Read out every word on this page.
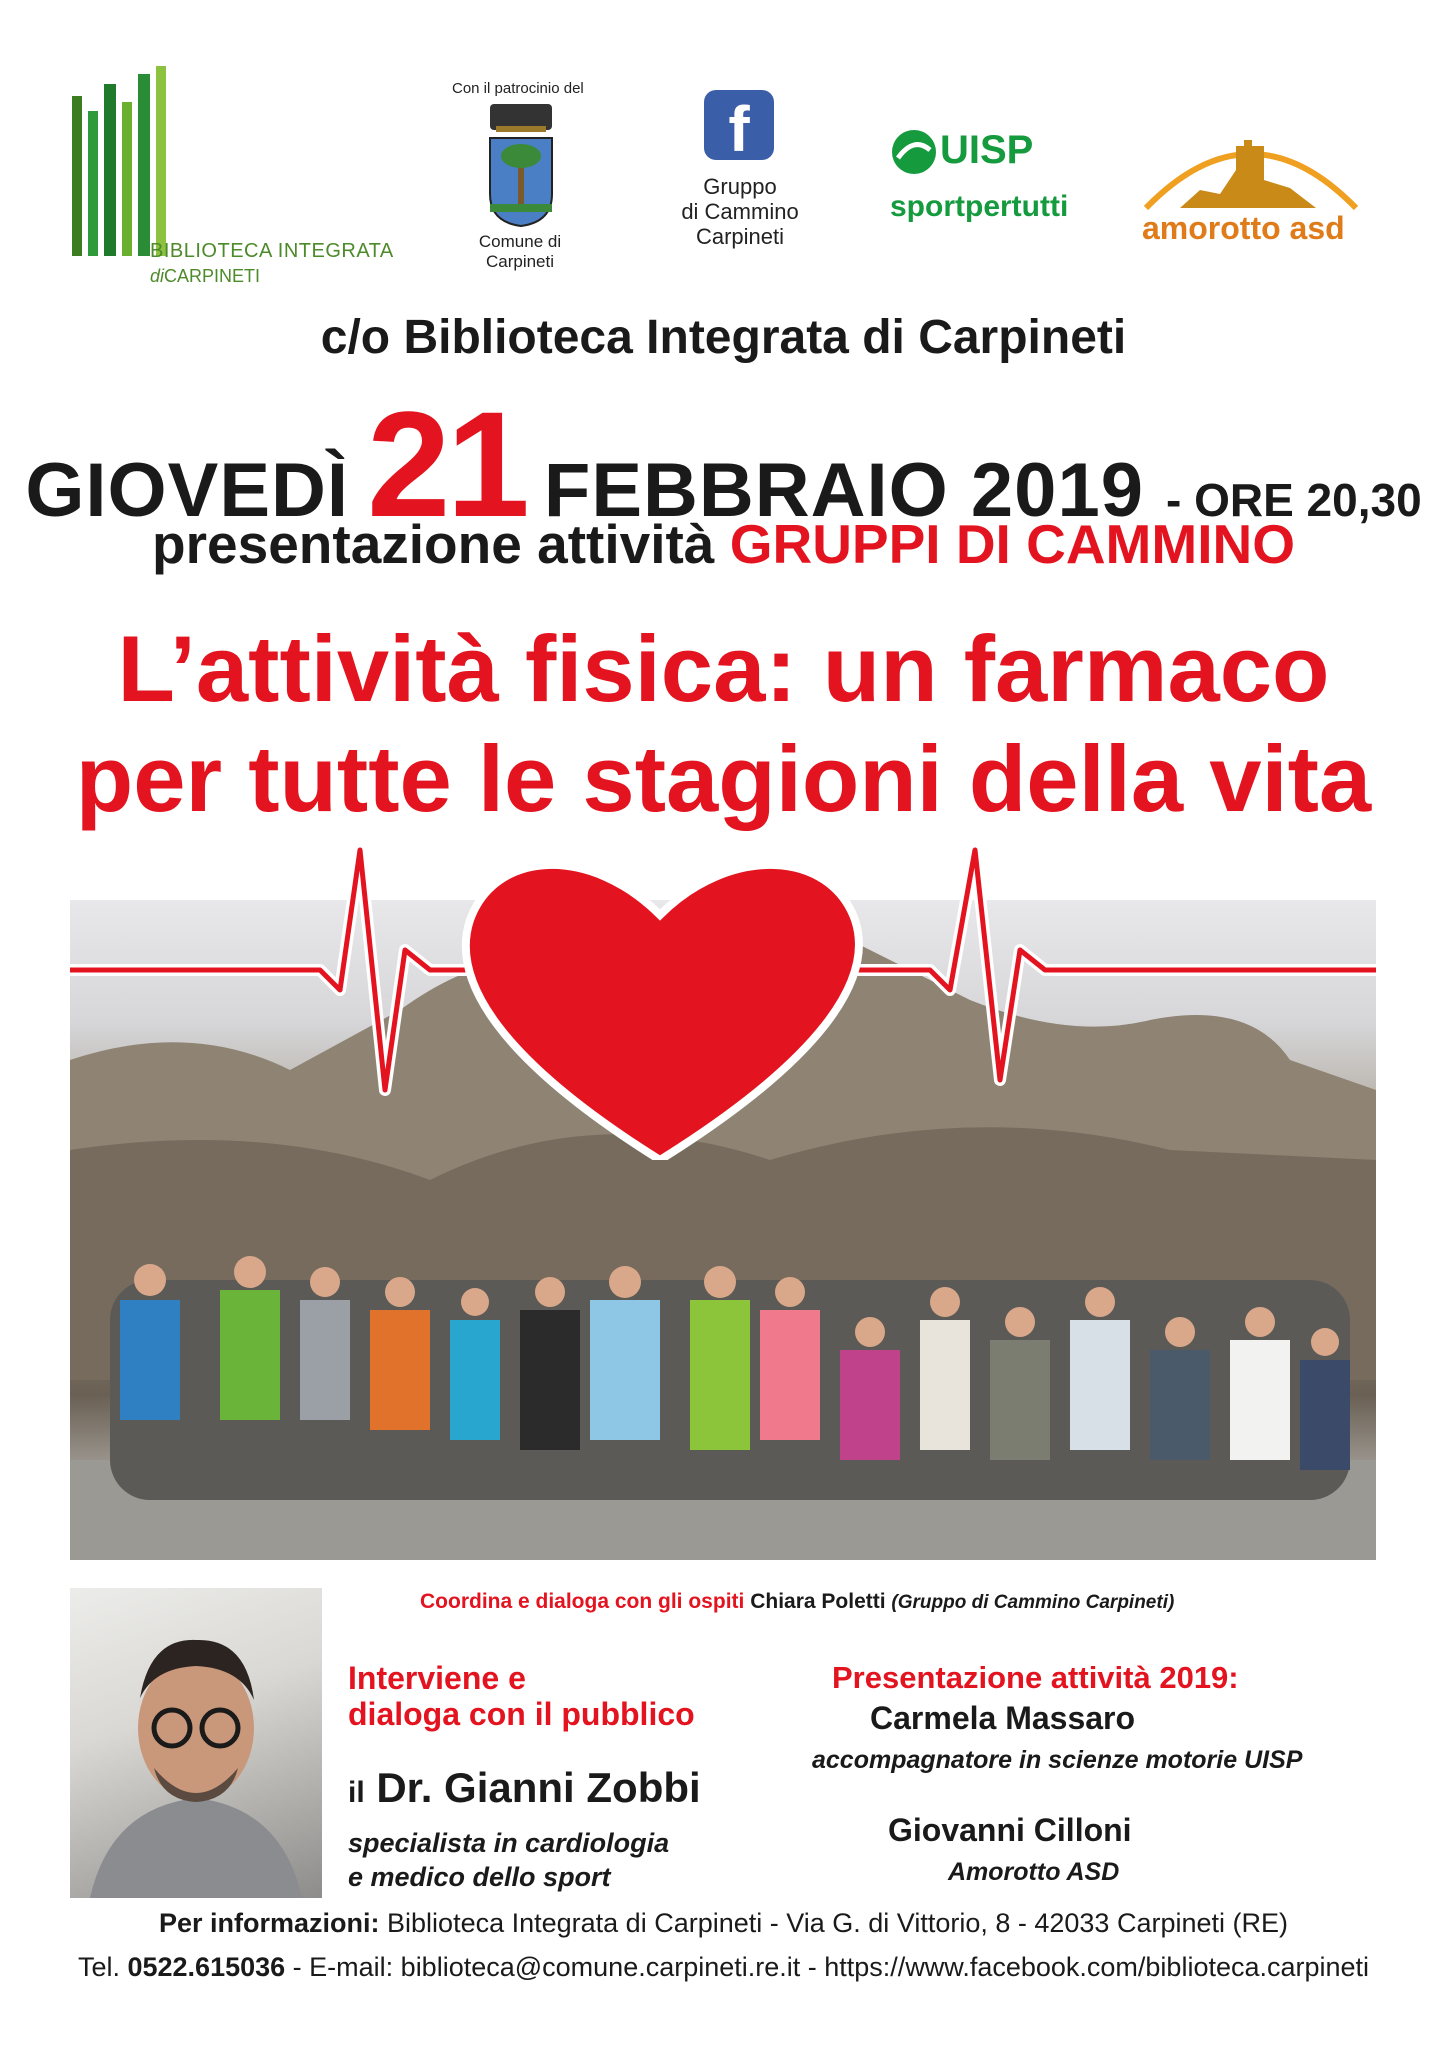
BIBLIOTECA INTEGRATA
diCARPINETI
Con il patrocinio del
Comune di
Carpineti
f
Gruppo
di Cammino
Carpineti
UISP
sportpertutti
amorotto asd
c/o Biblioteca Integrata di Carpineti
GIOVEDÌ 21 FEBBRAIO 2019 - ORE 20,30
presentazione attività GRUPPI DI CAMMINO
L’attività fisica: un farmaco
per tutte le stagioni della vita
Coordina e dialoga con gli ospiti Chiara Poletti (Gruppo di Cammino Carpineti)
Interviene e
dialoga con il pubblico
il Dr. Gianni Zobbi
specialista in cardiologia
e medico dello sport
Presentazione attività 2019:
Carmela Massaro
accompagnatore in scienze motorie UISP
Giovanni Cilloni
Amorotto ASD
Per informazioni: Biblioteca Integrata di Carpineti - Via G. di Vittorio, 8 - 42033 Carpineti (RE)
Tel. 0522.615036 - E-mail: biblioteca@comune.carpineti.re.it - https://www.facebook.com/biblioteca.carpineti
